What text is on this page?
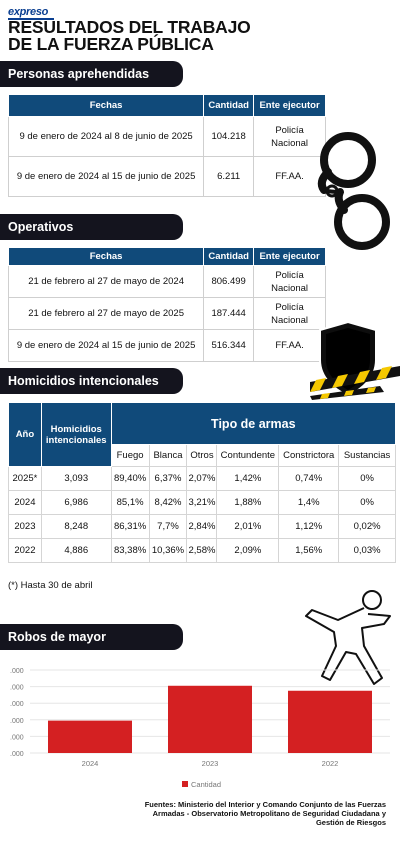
expreso
RESULTADOS DEL TRABAJO
DE LA FUERZA PÚBLICA
Personas aprehendidas
Fechas	Cantidad	Ente ejecutor
9 de enero de 2024 al 8 de junio de 2025	104.218	Policía Nacional
9 de enero de 2024 al 15 de junio de 2025	6.211	FF.AA.
Operativos
Fechas	Cantidad	Ente ejecutor
21 de febrero al 27 de mayo de 2024	806.499	Policía Nacional
21 de febrero al 27 de mayo de 2025	187.444	Policía Nacional
9 de enero de 2024 al 15 de junio de 2025	516.344	FF.AA.
Homicidios intencionales
Año	Homicidios intencionales	Tipo de armas					
		Fuego	Blanca	Otros	Contundente	Constrictora	Sustancias
2025*	3,093	89,40%	6,37%	2,07%	1,42%	0,74%	0%
2024	6,986	85,1%	8,42%	3,21%	1,88%	1,4%	0%
2023	8,248	86,31%	7,7%	2,84%	2,01%	1,12%	0,02%
2022	4,886	83,38%	10,36%	2,58%	2,09%	1,56%	0,03%
(*) Hasta 30 de abril
Robos de mayor connotación
.000
.000
.000
.000
.000
.000
2024	2023	2022
Cantidad
Fuentes: Ministerio del Interior y Comando Conjunto de las Fuerzas Armadas - Observatorio Metropolitano de Seguridad Ciudadana y Gestión de Riesgos
